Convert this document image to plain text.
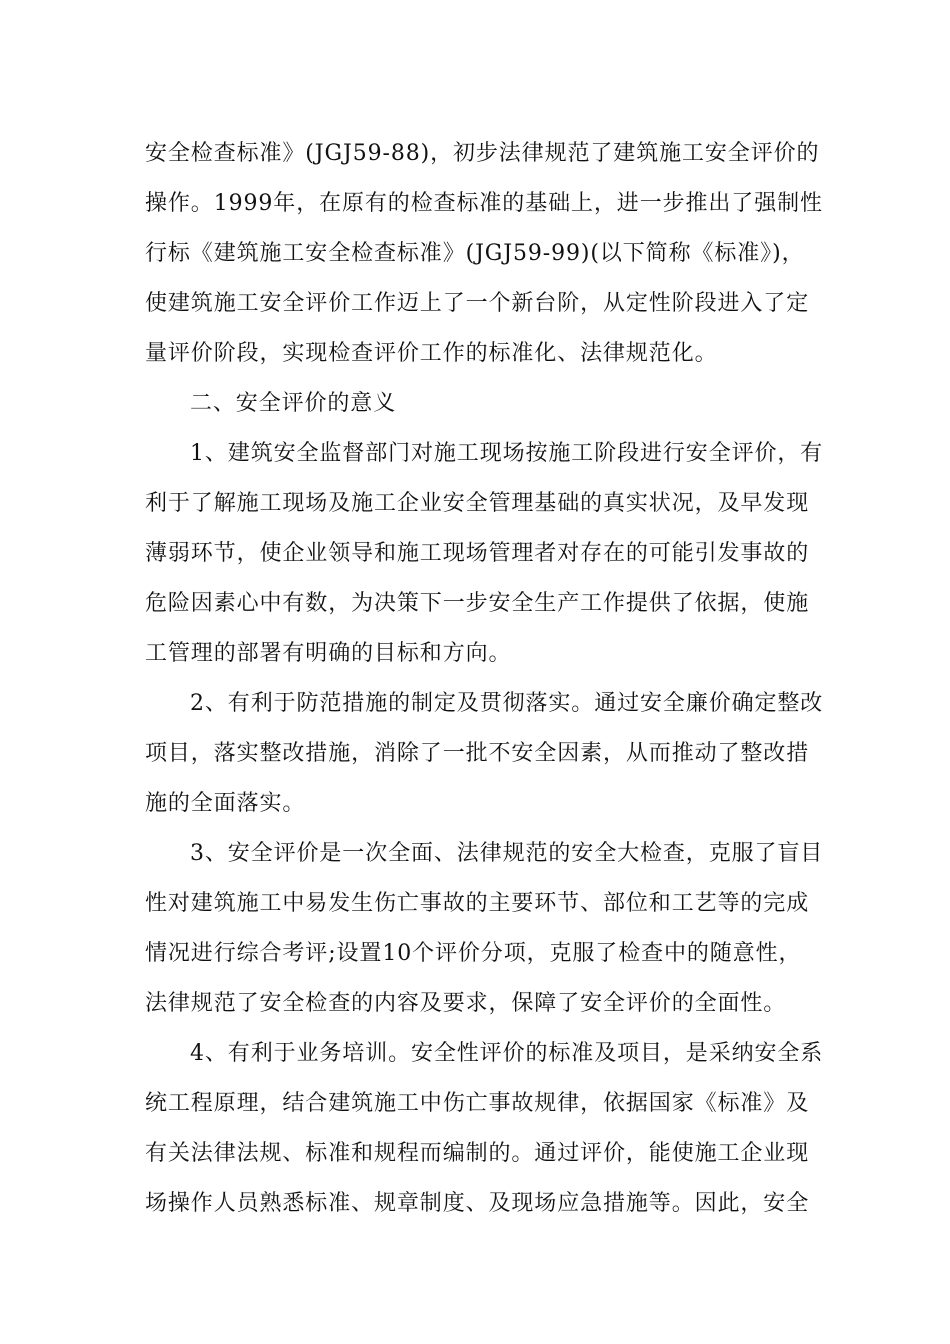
安全检查标准》(JGJ59-88)，初步法律规范了建筑施工安全评价的
操作。1999年，在原有的检查标准的基础上，进一步推出了强制性
行标《建筑施工安全检查标准》(JGJ59-99)(以下简称《标准》)，
使建筑施工安全评价工作迈上了一个新台阶，从定性阶段进入了定
量评价阶段，实现检查评价工作的标准化、法律规范化。
二、安全评价的意义
1、建筑安全监督部门对施工现场按施工阶段进行安全评价，有
利于了解施工现场及施工企业安全管理基础的真实状况，及早发现
薄弱环节，使企业领导和施工现场管理者对存在的可能引发事故的
危险因素心中有数，为决策下一步安全生产工作提供了依据，使施
工管理的部署有明确的目标和方向。
2、有利于防范措施的制定及贯彻落实。通过安全廉价确定整改
项目，落实整改措施，消除了一批不安全因素，从而推动了整改措
施的全面落实。
3、安全评价是一次全面、法律规范的安全大检查，克服了盲目
性对建筑施工中易发生伤亡事故的主要环节、部位和工艺等的完成
情况进行综合考评;设置10个评价分项，克服了检查中的随意性，
法律规范了安全检查的内容及要求，保障了安全评价的全面性。
4、有利于业务培训。安全性评价的标准及项目，是采纳安全系
统工程原理，结合建筑施工中伤亡事故规律，依据国家《标准》及
有关法律法规、标准和规程而编制的。通过评价，能使施工企业现
场操作人员熟悉标准、规章制度、及现场应急措施等。因此，安全
